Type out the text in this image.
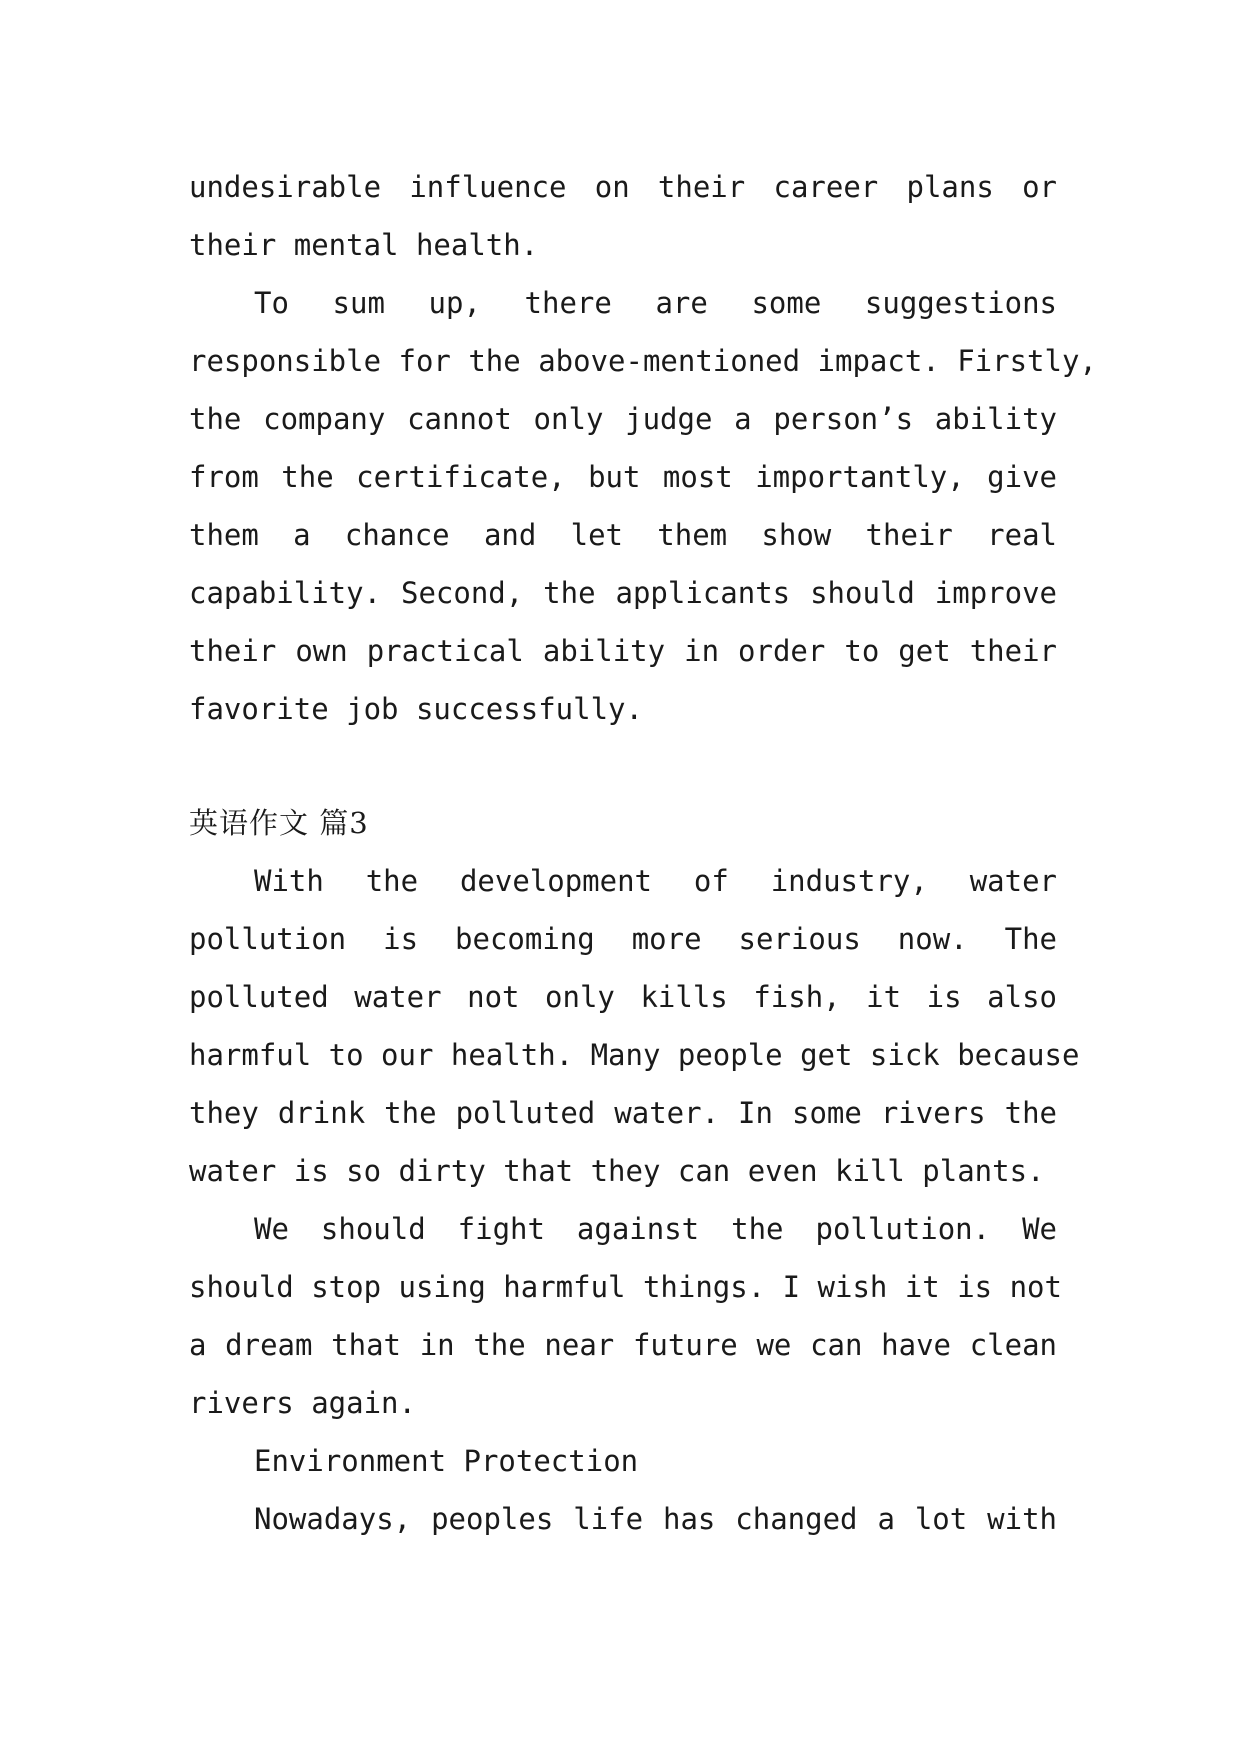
undesirable influence on their career plans or
their mental health.
To sum up, there are some suggestions
responsible for the above-mentioned impact. Firstly,
the company cannot only judge a person’s ability
from the certificate, but most importantly, give
them a chance and let them show their real
capability. Second, the applicants should improve
their own practical ability in order to get their
favorite job successfully.
英语作文 篇3
With the development of industry, water
pollution is becoming more serious now. The
polluted water not only kills fish, it is also
harmful to our health. Many people get sick because
they drink the polluted water. In some rivers the
water is so dirty that they can even kill plants.
We should fight against the pollution. We
should stop using harmful things. I wish it is not
a dream that in the near future we can have clean
rivers again.
Environment Protection
Nowadays, peoples life has changed a lot with
